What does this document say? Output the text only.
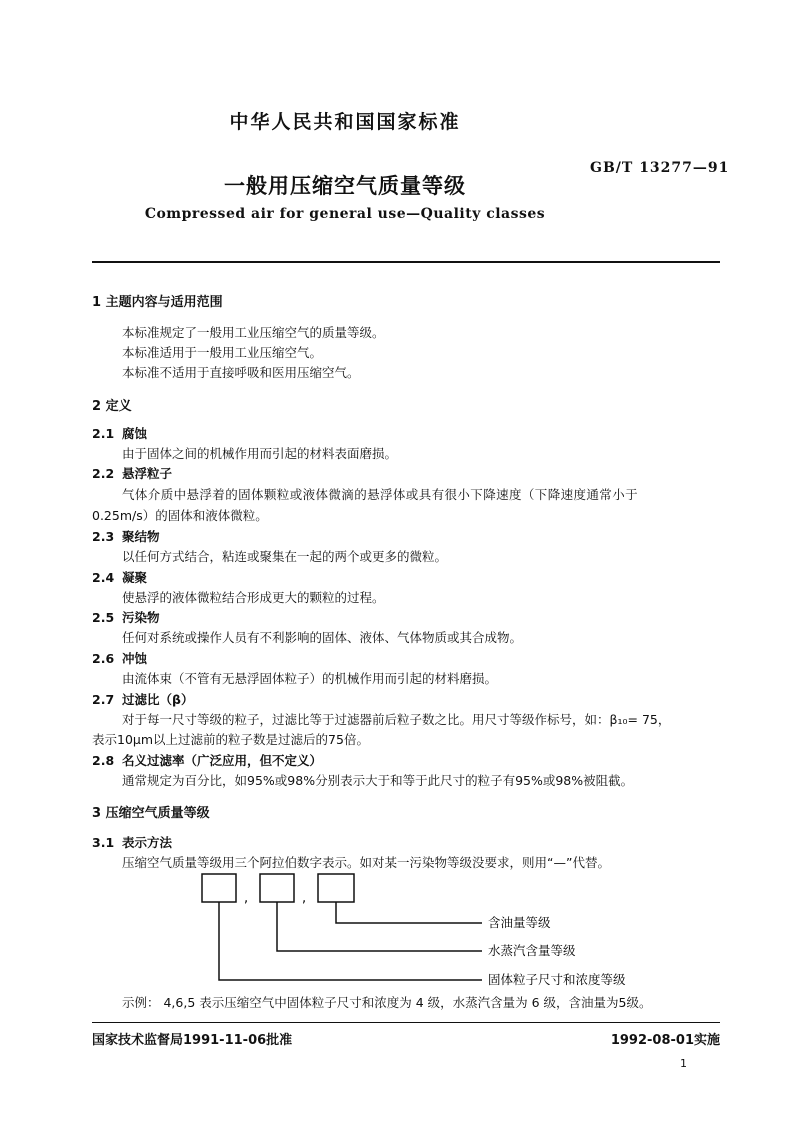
中华人民共和国国家标准
GB/T 13277—91
一般用压缩空气质量等级
Compressed air for general use—Quality classes
1 主题内容与适用范围
本标准规定了一般用工业压缩空气的质量等级。
本标准适用于一般用工业压缩空气。
本标准不适用于直接呼吸和医用压缩空气。
2 定义
2.1 腐蚀
由于固体之间的机械作用而引起的材料表面磨损。
2.2 悬浮粒子
气体介质中悬浮着的固体颗粒或液体微滴的悬浮体或具有很小下降速度（下降速度通常小于
0.25m/s）的固体和液体微粒。
2.3 聚结物
以任何方式结合，粘连或聚集在一起的两个或更多的微粒。
2.4 凝聚
使悬浮的液体微粒结合形成更大的颗粒的过程。
2.5 污染物
任何对系统或操作人员有不利影响的固体、液体、气体物质或其合成物。
2.6 冲蚀
由流体束（不管有无悬浮固体粒子）的机械作用而引起的材料磨损。
2.7 过滤比（β）
对于每一尺寸等级的粒子，过滤比等于过滤器前后粒子数之比。用尺寸等级作标号，如：β₁₀= 75，
表示10μm以上过滤前的粒子数是过滤后的75倍。
2.8 名义过滤率（广泛应用，但不定义）
通常规定为百分比，如95%或98%分别表示大于和等于此尺寸的粒子有95%或98%被阻截。
3 压缩空气质量等级
3.1 表示方法
压缩空气质量等级用三个阿拉伯数字表示。如对某一污染物等级没要求，则用“—”代替。
,	,
含油量等级
水蒸汽含量等级
固体粒子尺寸和浓度等级
示例： 4,6,5 表示压缩空气中固体粒子尺寸和浓度为 4 级，水蒸汽含量为 6 级，含油量为5级。
国家技术监督局1991-11-06批准	1992-08-01实施
1
